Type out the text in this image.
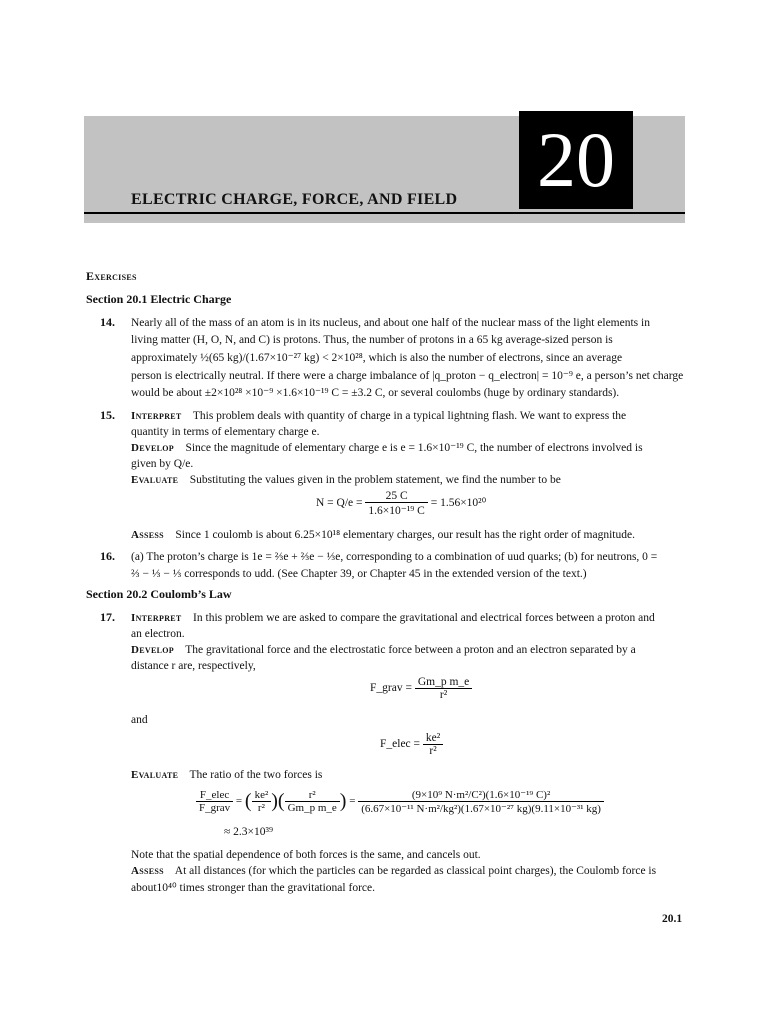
20
ELECTRIC CHARGE, FORCE, AND FIELD
Exercises
Section 20.1 Electric Charge
14. Nearly all of the mass of an atom is in its nucleus, and about one half of the nuclear mass of the light elements in
living matter (H, O, N, and C) is protons. Thus, the number of protons in a 65 kg average-sized person is
approximately ½(65 kg)/(1.67×10⁻²⁷ kg) < 2×10²⁸, which is also the number of electrons, since an average
person is electrically neutral. If there were a charge imbalance of |q_proton − q_electron| = 10⁻⁹ e, a person’s net charge
would be about ±2×10²⁸ ×10⁻⁹ ×1.6×10⁻¹⁹ C = ±3.2 C, or several coulombs (huge by ordinary standards).
15. Interpret This problem deals with quantity of charge in a typical lightning flash. We want to express the
quantity in terms of elementary charge e.
Develop Since the magnitude of elementary charge e is e = 1.6×10⁻¹⁹ C, the number of electrons involved is
given by Q/e.
Evaluate Substituting the values given in the problem statement, we find the number to be
$N = Q/e = \frac{25 C}{\text{1.6×10⁻¹⁹ C}} = 1.56\times 10^{20}$
Assess Since 1 coulomb is about 6.25×10¹⁸ elementary charges, our result has the right order of magnitude.
16. (a) The proton’s charge is 1e = ⅔e + ⅔e − ⅓e, corresponding to a combination of uud quarks; (b) for neutrons, 0 =
⅔ − ⅓ − ⅓ corresponds to udd. (See Chapter 39, or Chapter 45 in the extended version of the text.)
Section 20.2 Coulomb’s Law
17. Interpret In this problem we are asked to compare the gravitational and electrical forces between a proton and
an electron.
Develop The gravitational force and the electrostatic force between a proton and an electron separated by a
distance r are, respectively,
F_grav = $\frac{\text{Gm\_p m\_e}}{\text{r²}}$
and
F_elec = $\frac{\text{ke²}}{\text{r²}}$
Evaluate The ratio of the two forces is
$\frac{\text{F\_elec}}{\text{F\_grav}}$ = ( $\frac{\text{ke²}}{\text{r²}}$ )( $\frac{\text{r²}}{\text{Gm\_p m\_e}}$ ) = $\frac{\text{(9×10⁹ N·m²/C²)(1.6×10⁻¹⁹ C)²}}{\text{(6.67×10⁻¹¹ N·m²/kg²)(1.67×10⁻²⁷ kg)(9.11×10⁻³¹ kg)}}$
≈ 2.3×10³⁹
Note that the spatial dependence of both forces is the same, and cancels out.
Assess At all distances (for which the particles can be regarded as classical point charges), the Coulomb force is
about10⁴⁰ times stronger than the gravitational force.
20.1
